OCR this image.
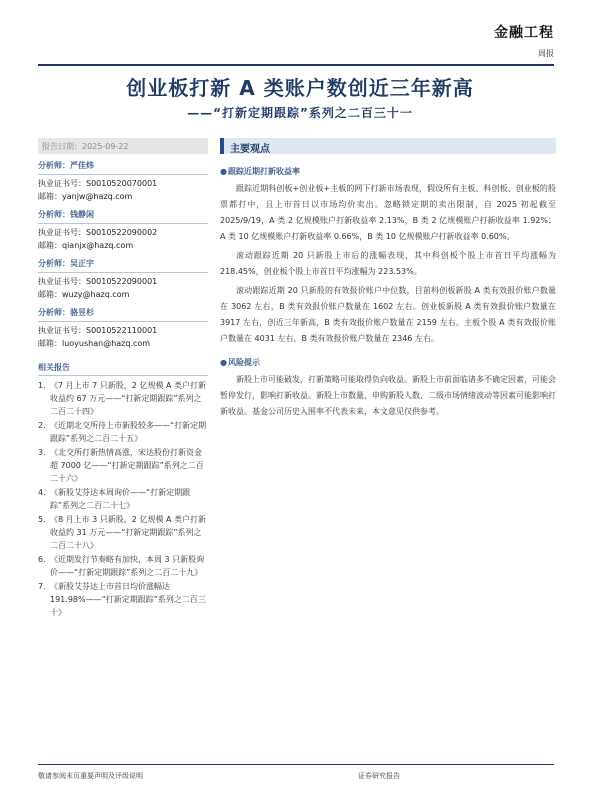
金融工程
周报
创业板打新 A 类账户数创近三年新高
——“打新定期跟踪”系列之二百三十一
报告日期：2025-09-22
分析师：严佳炜
执业证书号：S0010520070001
邮箱：yanjw@hazq.com
分析师：钱静闲
执业证书号：S0010522090002
邮箱：qianjx@hazq.com
分析师：吴正宇
执业证书号：S0010522090001
邮箱：wuzy@hazq.com
分析师：骆昱杉
执业证书号：S0010522110001
邮箱：luoyushan@hazq.com
相关报告
1. 《7 月上市 7 只新股，2 亿规模 A 类户打新收益约 67 万元——“打新定期跟踪”系列之二百二十四》
2. 《近期北交所待上市新股较多——“打新定期跟踪”系列之二百二十五》
3. 《北交所打新热情高涨，宋达股份打新资金超 7000 亿——“打新定期跟踪”系列之二百二十六》
4. 《新股艾芬达本周询价——“打新定期跟踪”系列之二百二十七》
5. 《8 月上市 3 只新股，2 亿规模 A 类户打新收益约 31 万元——“打新定期跟踪”系列之二百二十八》
6. 《近期发行节奏略有加快，本周 3 只新股询价——“打新定期跟踪”系列之二百二十九》
7. 《新股艾芬达上市首日均价涨幅达 191.98%——“打新定期跟踪”系列之二百三十》
主要观点
● 跟踪近期打新收益率

跟踪近期科创板+创业板+主板的网下打新市场表现，假设所有主板、科创板、创业板的股票都打中，且上市首日以市场均价卖出。忽略锁定期的卖出限制，自 2025 初起截至 2025/9/19，A 类 2 亿规模账户打新收益率 2.13%，B 类 2 亿规模账户打新收益率 1.92%；A 类 10 亿规模账户打新收益率 0.66%，B 类 10 亿规模账户打新收益率 0.60%。

滚动跟踪近期 20 只新股上市后的涨幅表现，其中科创板个股上市首日平均涨幅为 218.45%，创业板个股上市首日平均涨幅为 223.53%。

滚动跟踪近期 20 只新股的有效报价账户中位数，目前科创板新股 A 类有效报价账户数量在 3062 左右，B 类有效报价账户数量在 1602 左右。创业板新股 A 类有效报价账户数量在 3917 左右，创近三年新高，B 类有效报价账户数量在 2159 左右。主板个股 A 类有效报价账户数量在 4031 左右，B 类有效报价账户数量在 2346 左右。

● 风险提示

新股上市可能破发，打新策略可能取得负向收益。新股上市前面临诸多不确定因素，可能会暂停发行，影响打新收益。新股上市数量、申购新股人数、二级市场情绪波动等因素可能影响打新收益。基金公司历史入围率不代表未来，本文意见仅供参考。

敬请参阅末页重要声明及评级说明	证券研究报告
